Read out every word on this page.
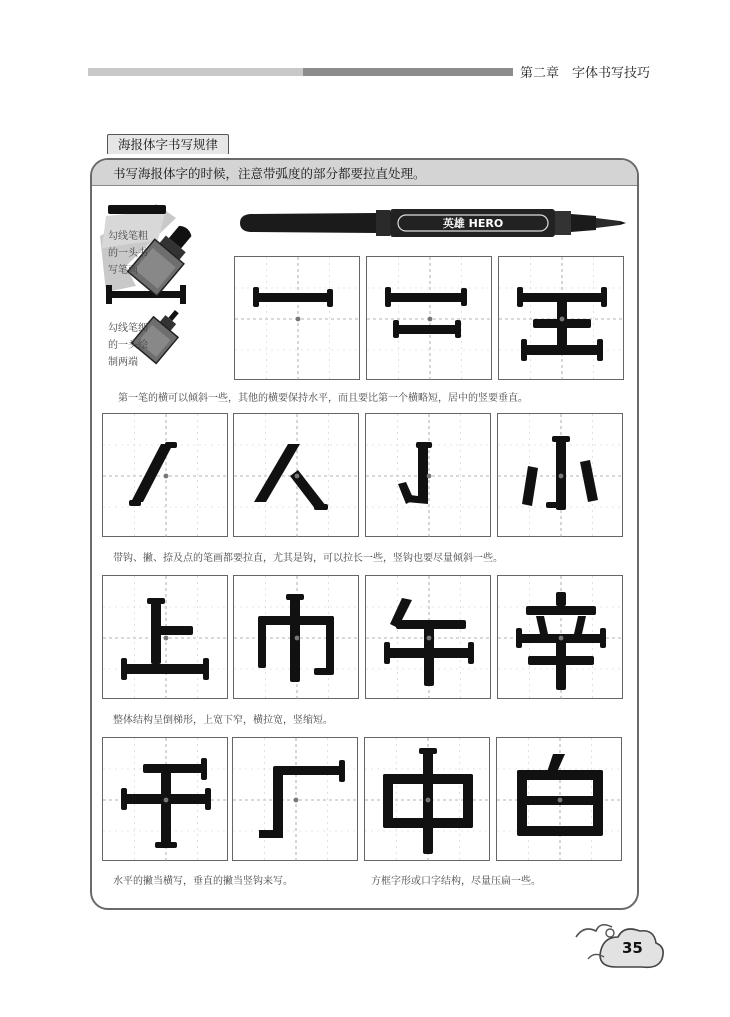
第二章　字体书写技巧
海报体字书写规律
书写海报体字的时候，注意带弧度的部分都要拉直处理。
英雄 HERO
勾线笔粗
的一头书
写笔画
勾线笔细
的一头绘
制两端
第一笔的横可以倾斜一些，其他的横要保持水平，而且要比第一个横略短，居中的竖要垂直。
带钩、撇、捺及点的笔画都要拉直，尤其是钩，可以拉长一些，竖钩也要尽量倾斜一些。
整体结构呈倒梯形，上宽下窄，横拉宽，竖缩短。
水平的撇当横写，垂直的撇当竖钩来写。	方框字形或口字结构，尽量压扁一些。
35
